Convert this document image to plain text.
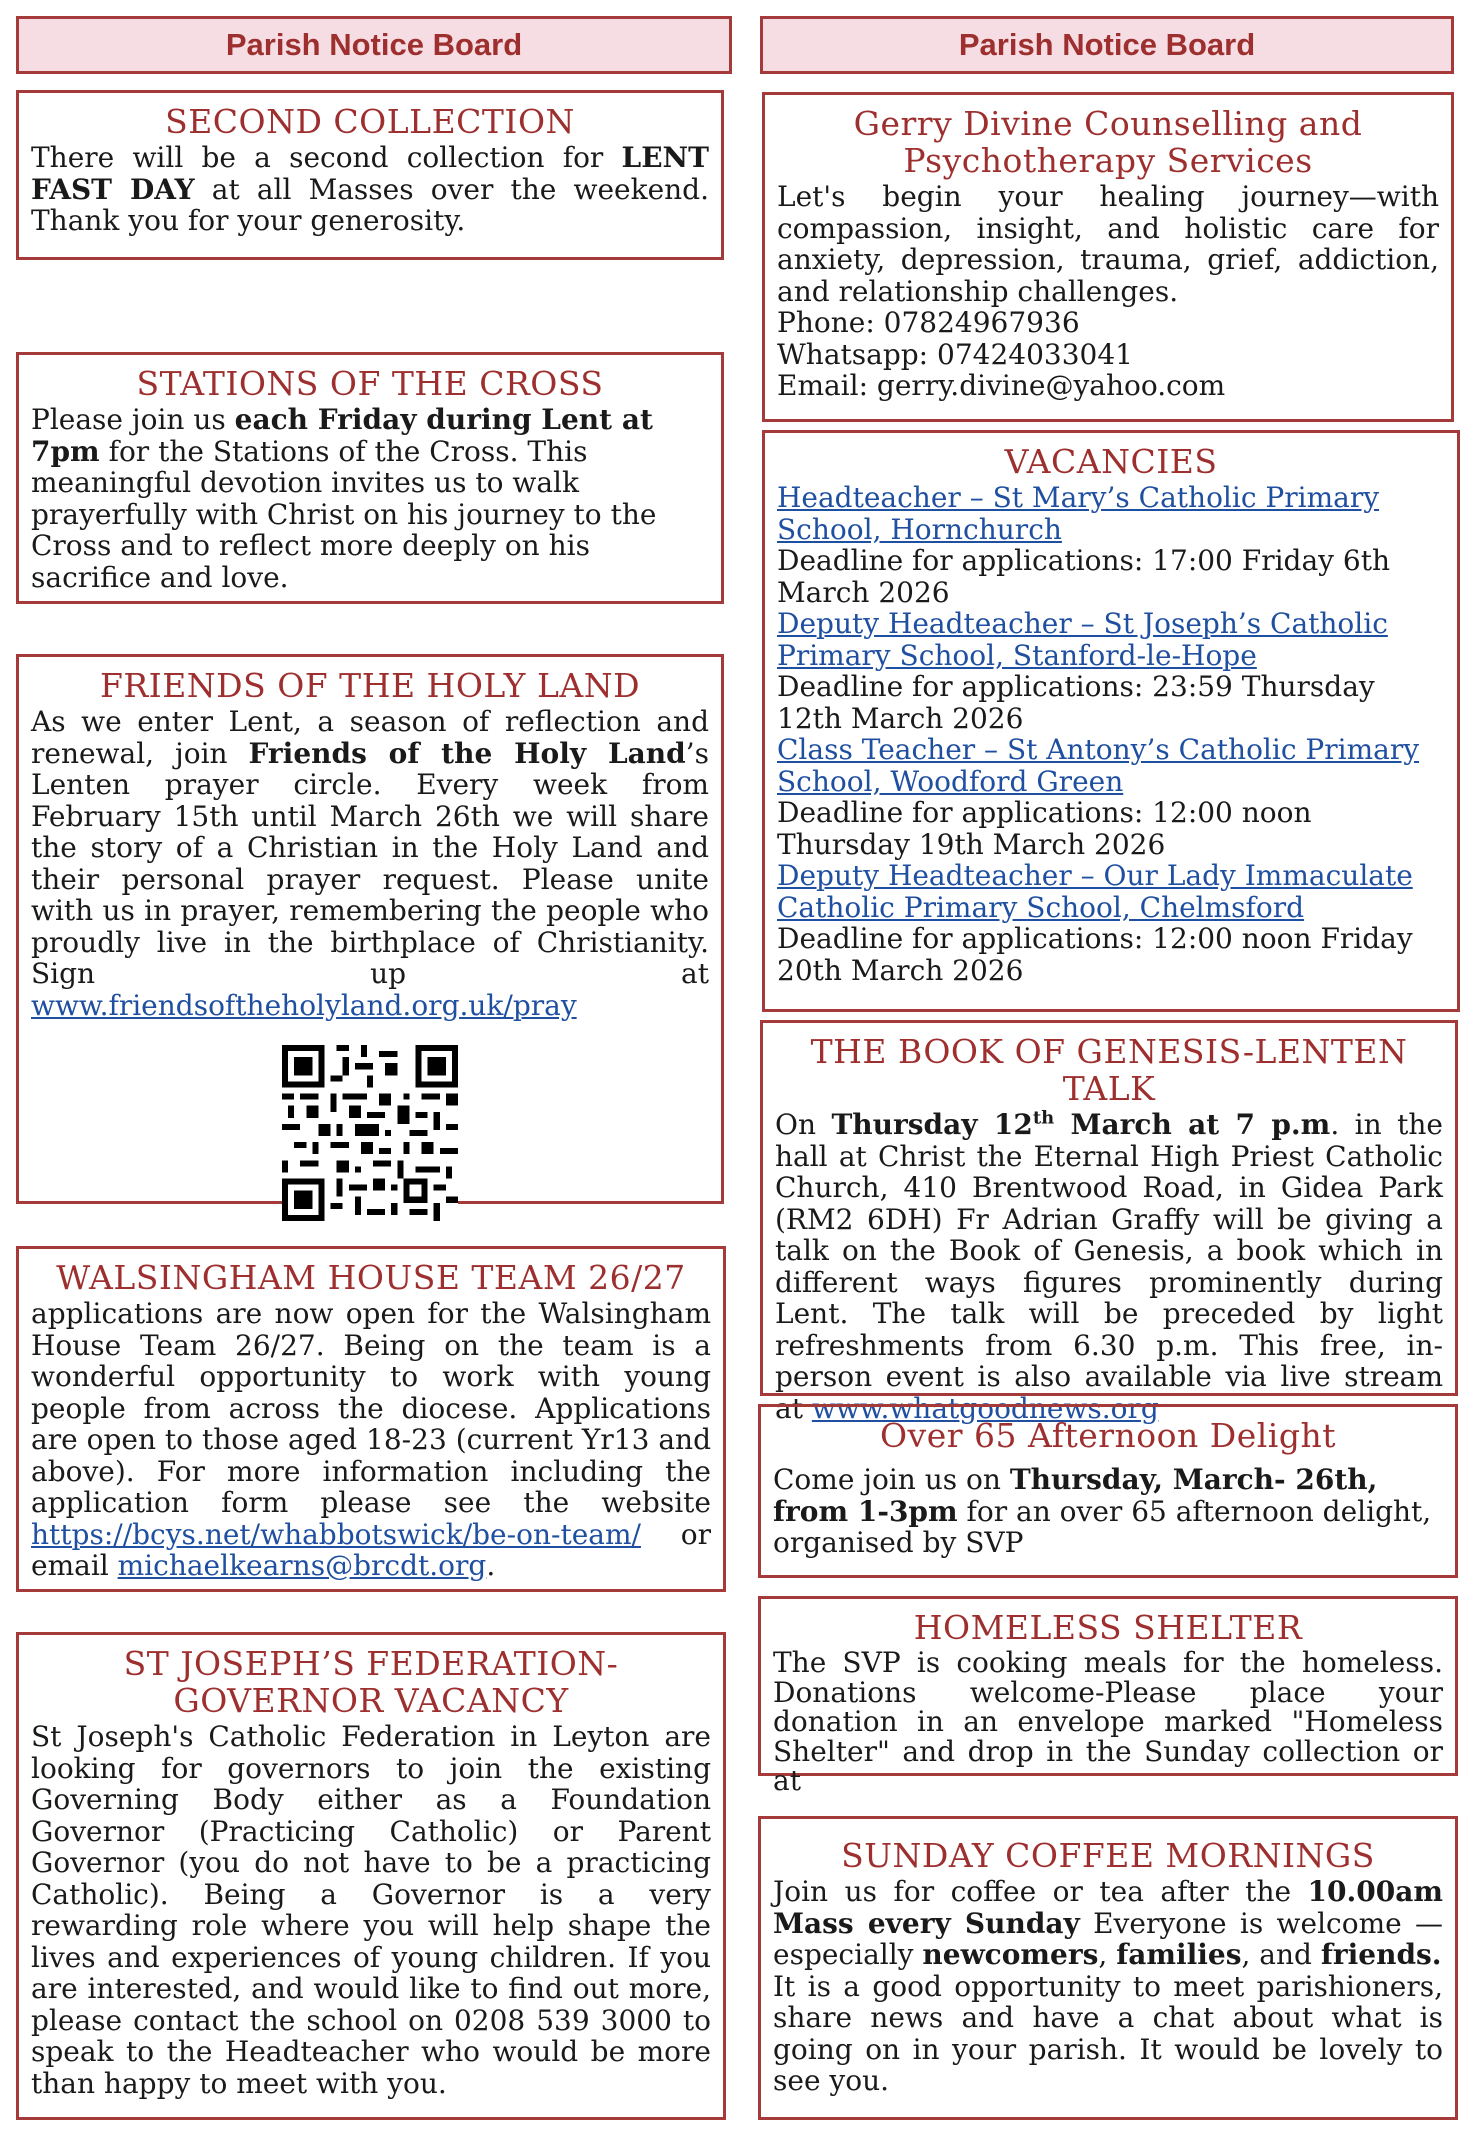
Parish Notice Board
SECOND COLLECTION

There will be a second collection for LENT FAST DAY at all Masses over the weekend. Thank you for your generosity.

STATIONS OF THE CROSS

Please join us each Friday during Lent at 7pm for the Stations of the Cross. This meaningful devotion invites us to walk prayerfully with Christ on his journey to the Cross and to reflect more deeply on his sacrifice and love.

FRIENDS OF THE HOLY LAND

As we enter Lent, a season of reflection and renewal, join Friends of the Holy Land’s Lenten prayer circle. Every week from February 15th until March 26th we will share the story of a Christian in the Holy Land and their personal prayer request. Please unite with us in prayer, remembering the people who proudly live in the birthplace of Christianity. Sign up at www.friendsoftheholyland.org.uk/pray

WALSINGHAM HOUSE TEAM 26/27

applications are now open for the Walsingham House Team 26/27. Being on the team is a wonderful opportunity to work with young people from across the diocese. Applications are open to those aged 18-23 (current Yr13 and above). For more information including the application form please see the website https://bcys.net/whabbotswick/be-on-team/ or email michaelkearns@brcdt.org.

ST JOSEPH’S FEDERATION- GOVERNOR VACANCY

St Joseph's Catholic Federation in Leyton are looking for governors to join the existing Governing Body either as a Foundation Governor (Practicing Catholic) or Parent Governor (you do not have to be a practicing Catholic). Being a Governor is a very rewarding role where you will help shape the lives and experiences of young children. If you are interested, and would like to find out more, please contact the school on 0208 539 3000 to speak to the Headteacher who would be more than happy to meet with you.

Parish Notice Board
Gerry Divine Counselling and Psychotherapy Services

Let's begin your healing journey—with compassion, insight, and holistic care for anxiety, depression, trauma, grief, addiction, and relationship challenges.

Phone: 07824967936
Whatsapp: 07424033041
Email: gerry.divine@yahoo.com
VACANCIES

Headteacher – St Mary’s Catholic Primary School, Hornchurch
Deadline for applications: 17:00 Friday 6th March 2026

Deputy Headteacher – St Joseph’s Catholic Primary School, Stanford-le-Hope
Deadline for applications: 23:59 Thursday 12th March 2026

Class Teacher – St Antony’s Catholic Primary School, Woodford Green
Deadline for applications: 12:00 noon Thursday 19th March 2026

Deputy Headteacher – Our Lady Immaculate Catholic Primary School, Chelmsford
Deadline for applications: 12:00 noon Friday 20th March 2026

THE BOOK OF GENESIS-LENTEN TALK

On Thursday 12th March at 7 p.m. in the hall at Christ the Eternal High Priest Catholic Church, 410 Brentwood Road, in Gidea Park (RM2 6DH) Fr Adrian Graffy will be giving a talk on the Book of Genesis, a book which in different ways figures prominently during Lent. The talk will be preceded by light refreshments from 6.30 p.m. This free, in-person event is also available via live stream at www.whatgoodnews.org

Over 65 Afternoon Delight

Come join us on Thursday, March- 26th, from 1-3pm for an over 65 afternoon delight, organised by SVP

HOMELESS SHELTER

The SVP is cooking meals for the homeless. Donations welcome-Please place your donation in an envelope marked "Homeless Shelter" and drop in the Sunday collection or at

SUNDAY COFFEE MORNINGS

Join us for coffee or tea after the 10.00am Mass every Sunday Everyone is welcome — especially newcomers, families, and friends.

It is a good opportunity to meet parishioners, share news and have a chat about what is going on in your parish. It would be lovely to see you.
